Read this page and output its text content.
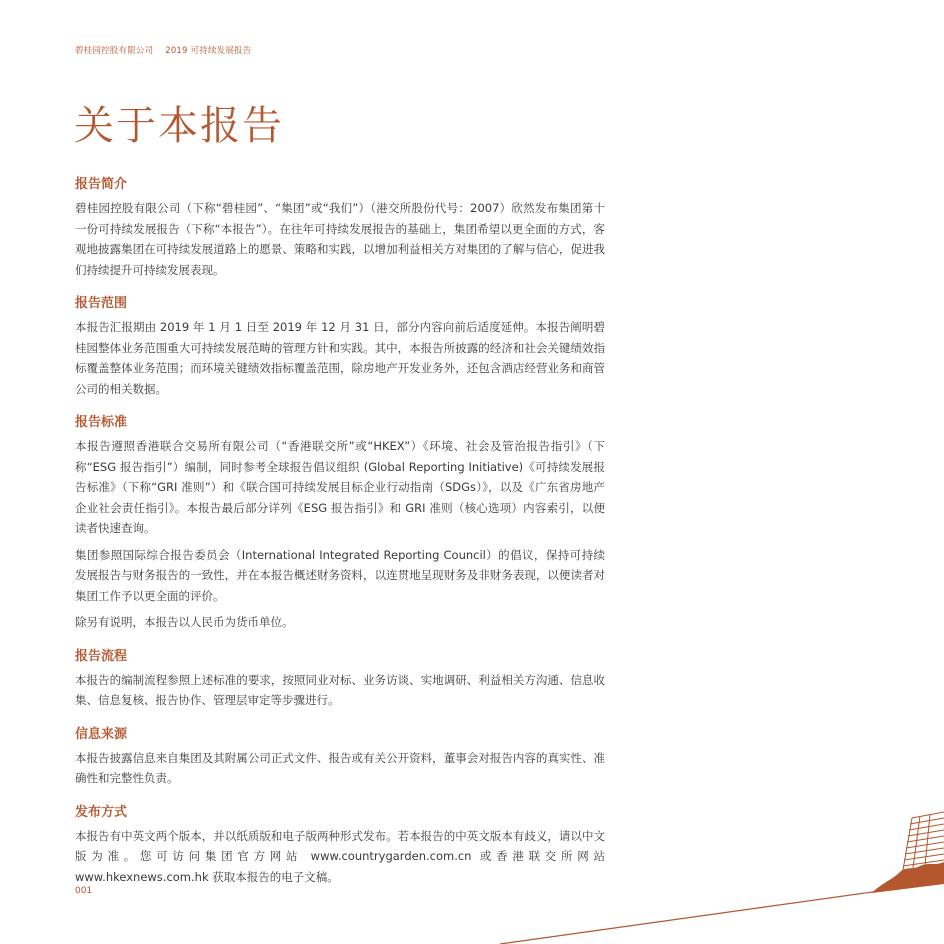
碧桂园控股有限公司 2019 可持续发展报告
关于本报告
报告简介

碧桂园控股有限公司（下称“碧桂园”、“集团”或“我们”）（港交所股份代号：2007）欣然发布集团第十一份可持续发展报告（下称“本报告”）。在往年可持续发展报告的基础上，集团希望以更全面的方式，客观地披露集团在可持续发展道路上的愿景、策略和实践，以增加利益相关方对集团的了解与信心，促进我们持续提升可持续发展表现。

报告范围

本报告汇报期由 2019 年 1 月 1 日至 2019 年 12 月 31 日，部分内容向前后适度延伸。本报告阐明碧桂园整体业务范围重大可持续发展范畴的管理方针和实践。其中，本报告所披露的经济和社会关键绩效指标覆盖整体业务范围；而环境关键绩效指标覆盖范围，除房地产开发业务外，还包含酒店经营业务和商管公司的相关数据。

报告标准

本报告遵照香港联合交易所有限公司（“香港联交所”或“HKEX”）《环境、社会及管治报告指引》（下称“ESG 报告指引”）编制，同时参考全球报告倡议组织 (Global Reporting Initiative)《可持续发展报告标准》（下称“GRI 准则”）和《联合国可持续发展目标企业行动指南（SDGs）》，以及《广东省房地产企业社会责任指引》。本报告最后部分详列《ESG 报告指引》和 GRI 准则（核心选项）内容索引，以便读者快速查询。

集团参照国际综合报告委员会（International Integrated Reporting Council）的倡议，保持可持续发展报告与财务报告的一致性，并在本报告概述财务资料，以连贯地呈现财务及非财务表现，以便读者对集团工作予以更全面的评价。

除另有说明，本报告以人民币为货币单位。

报告流程

本报告的编制流程参照上述标准的要求，按照同业对标、业务访谈、实地调研、利益相关方沟通、信息收集、信息复核、报告协作、管理层审定等步骤进行。

信息来源

本报告披露信息来自集团及其附属公司正式文件、报告或有关公开资料，董事会对报告内容的真实性、准确性和完整性负责。

发布方式

本报告有中英文两个版本，并以纸质版和电子版两种形式发布。若本报告的中英文版本有歧义，请以中文版为准。您可访问集团官方网站 www.countrygarden.com.cn 或香港联交所网站 www.hkexnews.com.hk 获取本报告的电子文稿。

001
